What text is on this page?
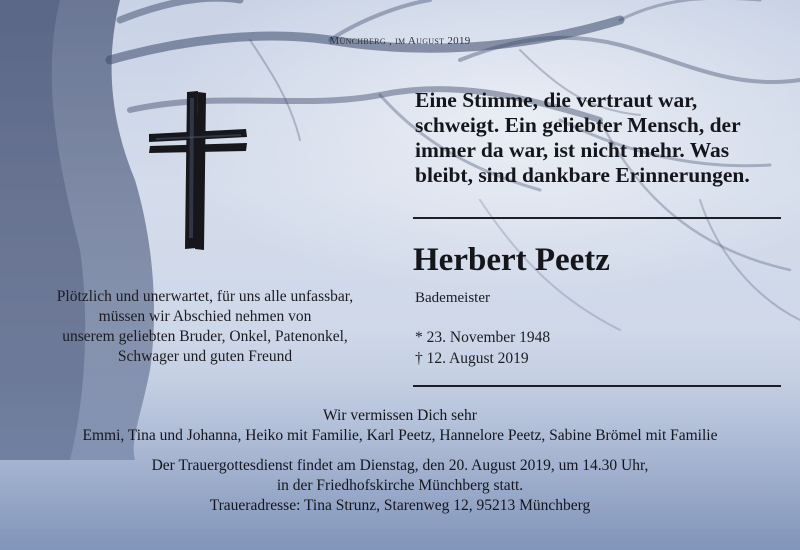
Münchberg , im August 2019
Eine Stimme, die vertraut war,
schweigt. Ein geliebter Mensch, der
immer da war, ist nicht mehr. Was
bleibt, sind dankbare Erinnerungen.
Herbert Peetz
Bademeister
* 23. November 1948
† 12. August 2019
Plötzlich und unerwartet, für uns alle unfassbar,
müssen wir Abschied nehmen von
unserem geliebten Bruder, Onkel, Patenonkel,
Schwager und guten Freund
Wir vermissen Dich sehr
Emmi, Tina und Johanna, Heiko mit Familie, Karl Peetz, Hannelore Peetz, Sabine Brömel mit Familie
Der Trauergottesdienst findet am Dienstag, den 20. August 2019, um 14.30 Uhr,
in der Friedhofskirche Münchberg statt.
Traueradresse: Tina Strunz, Starenweg 12, 95213 Münchberg
